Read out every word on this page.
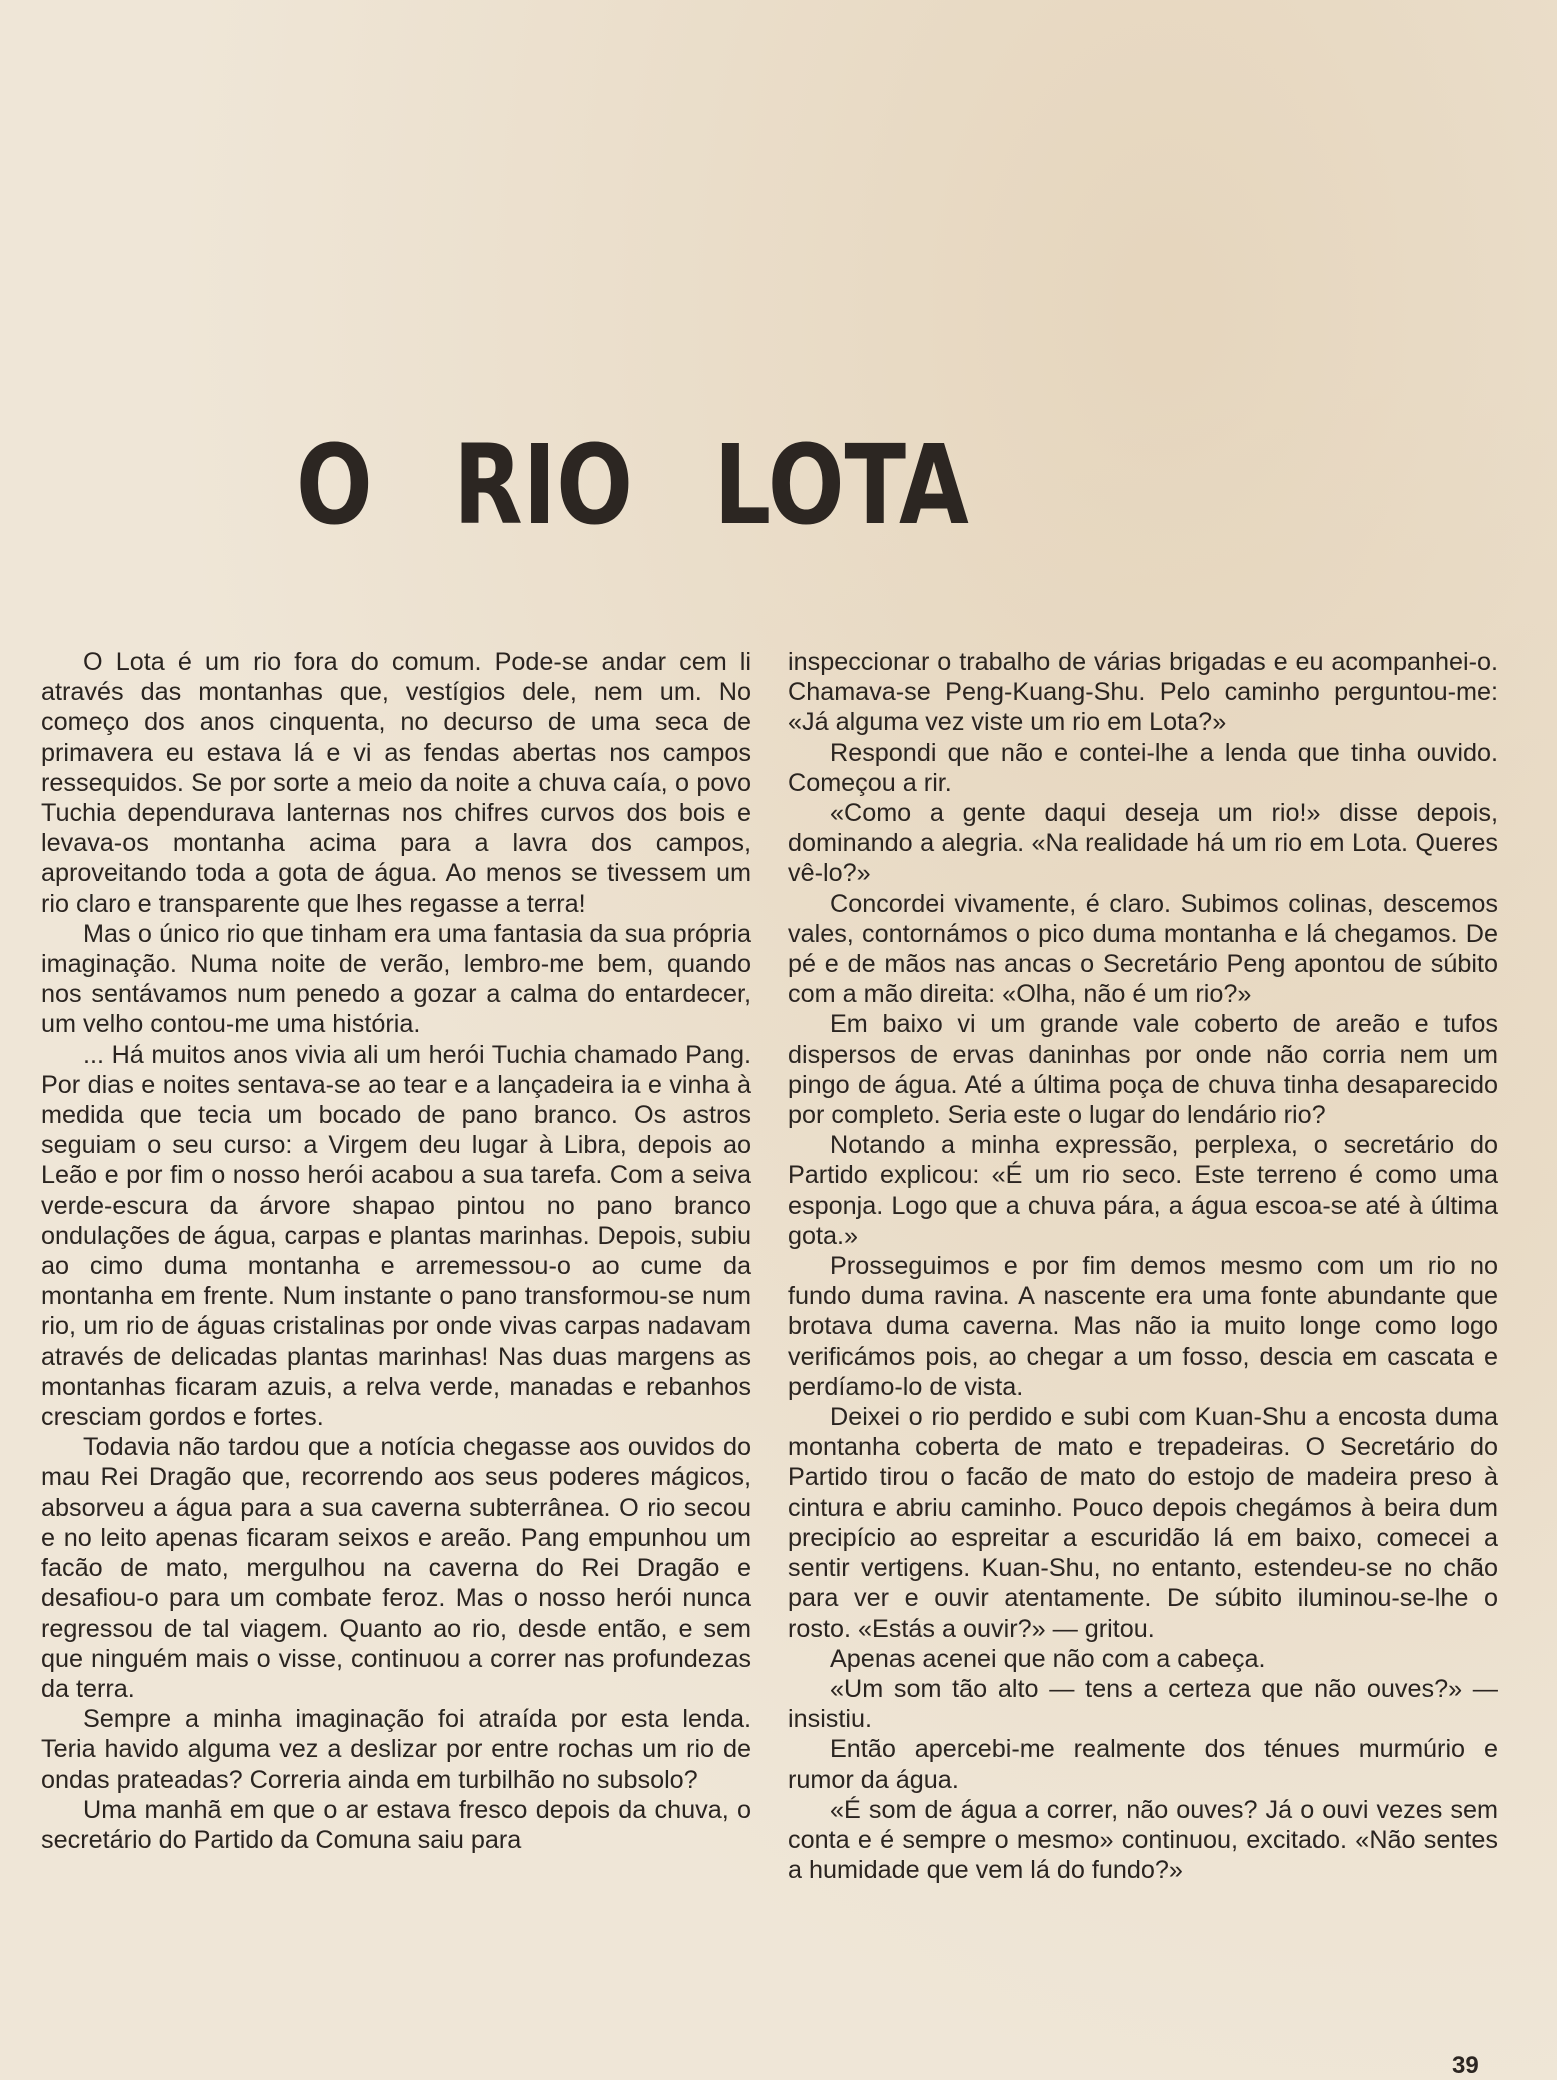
O RIO LOTA

O Lota é um rio fora do comum. Pode-se andar cem li através das montanhas que, vestígios dele, nem um. No começo dos anos cinquenta, no decurso de uma seca de primavera eu estava lá e vi as fendas abertas nos campos ressequidos. Se por sorte a meio da noite a chuva caía, o povo Tuchia dependurava lanternas nos chifres curvos dos bois e levava-os montanha acima para a lavra dos campos, aproveitando toda a gota de água. Ao menos se tivessem um rio claro e transparente que lhes regasse a terra!

Mas o único rio que tinham era uma fantasia da sua própria imaginação. Numa noite de verão, lembro-me bem, quando nos sentávamos num penedo a gozar a calma do entardecer, um velho contou-me uma história.

... Há muitos anos vivia ali um herói Tuchia chamado Pang. Por dias e noites sentava-se ao tear e a lançadeira ia e vinha à medida que tecia um bocado de pano branco. Os astros seguiam o seu curso: a Virgem deu lugar à Libra, depois ao Leão e por fim o nosso herói acabou a sua tarefa. Com a seiva verde-escura da árvore shapao pintou no pano branco ondulações de água, carpas e plantas marinhas. Depois, subiu ao cimo duma montanha e arremessou-o ao cume da montanha em frente. Num instante o pano transformou-se num rio, um rio de águas cristalinas por onde vivas carpas nadavam através de delicadas plantas marinhas! Nas duas margens as montanhas ficaram azuis, a relva verde, manadas e rebanhos cresciam gordos e fortes.

Todavia não tardou que a notícia chegasse aos ouvidos do mau Rei Dragão que, recorrendo aos seus poderes mágicos, absorveu a água para a sua caverna subterrânea. O rio secou e no leito apenas ficaram seixos e areão. Pang empunhou um facão de mato, mergulhou na caverna do Rei Dragão e desafiou-o para um combate feroz. Mas o nosso herói nunca regressou de tal viagem. Quanto ao rio, desde então, e sem que ninguém mais o visse, continuou a correr nas profundezas da terra.

Sempre a minha imaginação foi atraída por esta lenda. Teria havido alguma vez a deslizar por entre rochas um rio de ondas prateadas? Correria ainda em turbilhão no subsolo?

Uma manhã em que o ar estava fresco depois da chuva, o secretário do Partido da Comuna saiu para

inspeccionar o trabalho de várias brigadas e eu acompanhei-o. Chamava-se Peng-Kuang-Shu. Pelo caminho perguntou-me: «Já alguma vez viste um rio em Lota?»

Respondi que não e contei-lhe a lenda que tinha ouvido. Começou a rir.

«Como a gente daqui deseja um rio!» disse depois, dominando a alegria. «Na realidade há um rio em Lota. Queres vê-lo?»

Concordei vivamente, é claro. Subimos colinas, descemos vales, contornámos o pico duma montanha e lá chegamos. De pé e de mãos nas ancas o Secretário Peng apontou de súbito com a mão direita: «Olha, não é um rio?»

Em baixo vi um grande vale coberto de areão e tufos dispersos de ervas daninhas por onde não corria nem um pingo de água. Até a última poça de chuva tinha desaparecido por completo. Seria este o lugar do lendário rio?

Notando a minha expressão, perplexa, o secretário do Partido explicou: «É um rio seco. Este terreno é como uma esponja. Logo que a chuva pára, a água escoa-se até à última gota.»

Prosseguimos e por fim demos mesmo com um rio no fundo duma ravina. A nascente era uma fonte abundante que brotava duma caverna. Mas não ia muito longe como logo verificámos pois, ao chegar a um fosso, descia em cascata e perdíamo-lo de vista.

Deixei o rio perdido e subi com Kuan-Shu a encosta duma montanha coberta de mato e trepadeiras. O Secretário do Partido tirou o facão de mato do estojo de madeira preso à cintura e abriu caminho. Pouco depois chegámos à beira dum precipício ao espreitar a escuridão lá em baixo, comecei a sentir vertigens. Kuan-Shu, no entanto, estendeu-se no chão para ver e ouvir atentamente. De súbito iluminou-se-lhe o rosto. «Estás a ouvir?» — gritou.

Apenas acenei que não com a cabeça.

«Um som tão alto — tens a certeza que não ouves?» — insistiu.

Então apercebi-me realmente dos ténues murmúrio e rumor da água.

«É som de água a correr, não ouves? Já o ouvi vezes sem conta e é sempre o mesmo» continuou, excitado. «Não sentes a humidade que vem lá do fundo?»

39
